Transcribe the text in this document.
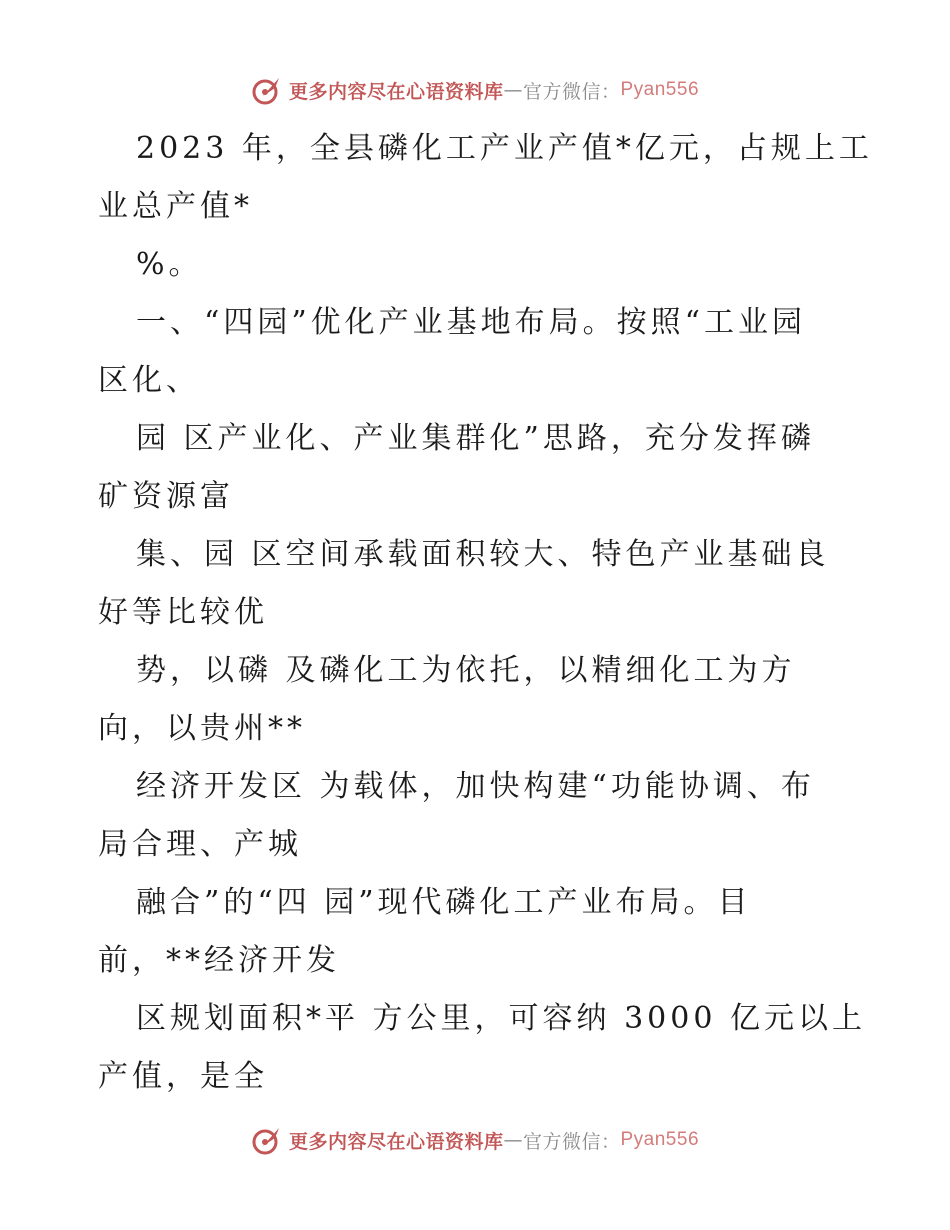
更多内容尽在心语资料库 — 官方微信： Pyan556
2023 年，全县磷化工产业产值*亿元，占规上工
业总产值*
%。
一、“四园”优化产业基地布局。按照“工业园
区化、
园 区产业化、产业集群化”思路，充分发挥磷
矿资源富
集、园 区空间承载面积较大、特色产业基础良
好等比较优
势，以磷 及磷化工为依托，以精细化工为方
向，以贵州**
经济开发区 为载体，加快构建“功能协调、布
局合理、产城
融合”的“四 园”现代磷化工产业布局。目
前，**经济开发
区规划面积*平 方公里，可容纳 3000 亿元以上
产值，是全
更多内容尽在心语资料库 — 官方微信： Pyan556
